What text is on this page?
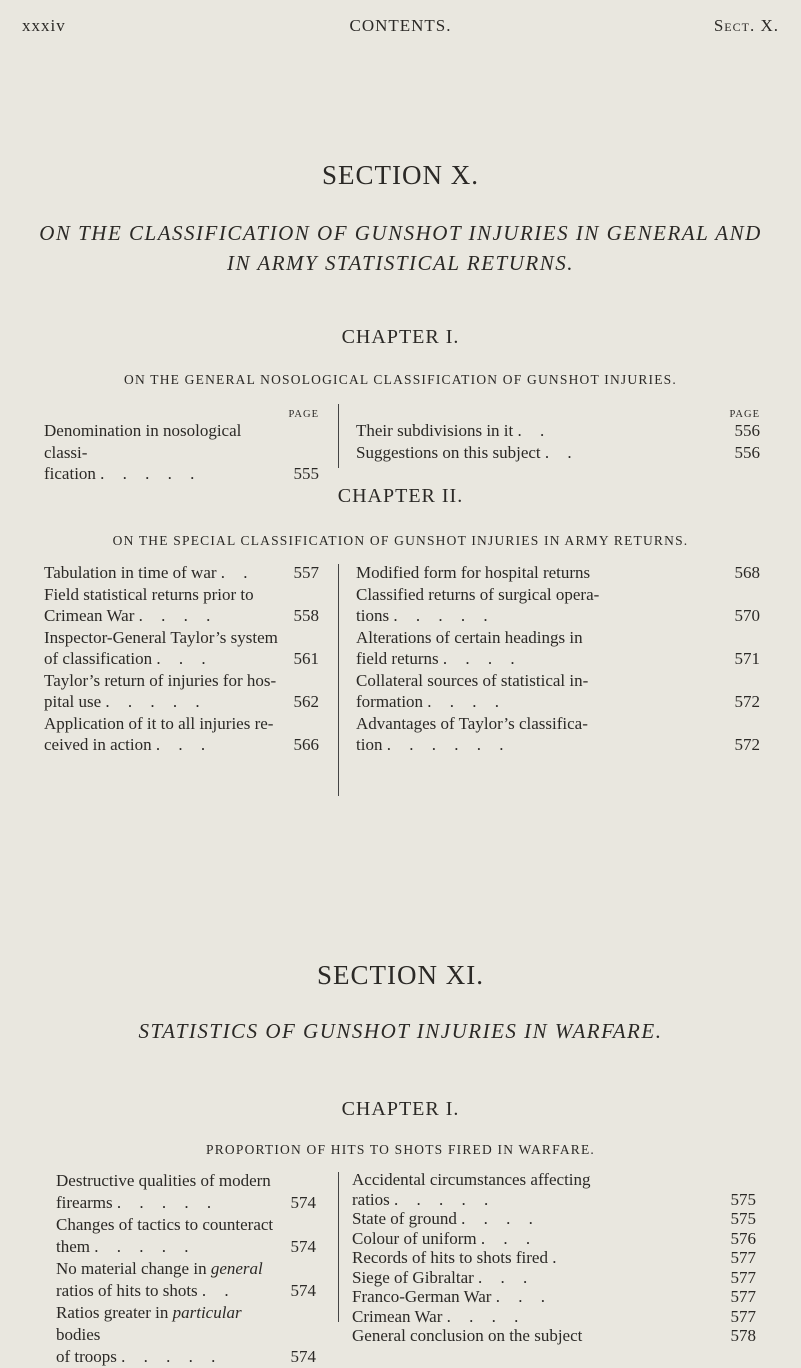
xxxiv	CONTENTS.	Sect. X.
SECTION X.
ON THE CLASSIFICATION OF GUNSHOT INJURIES IN GENERAL AND IN ARMY STATISTICAL RETURNS.
CHAPTER I.
ON THE GENERAL NOSOLOGICAL CLASSIFICATION OF GUNSHOT INJURIES.
PAGE
Denomination in nosological classi-
fication . . . . .	555
PAGE
Their subdivisions in it . .	556
Suggestions on this subject . .	556
CHAPTER II.
ON THE SPECIAL CLASSIFICATION OF GUNSHOT INJURIES IN ARMY RETURNS.
Tabulation in time of war . .	557
Field statistical returns prior to
Crimean War . . . .	558
Inspector-General Taylor’s system
of classification . . .	561
Taylor’s return of injuries for hos-
pital use . . . . .	562
Application of it to all injuries re-
ceived in action . . .	566
Modified form for hospital returns	568
Classified returns of surgical opera-
tions . . . . .	570
Alterations of certain headings in
field returns . . . .	571
Collateral sources of statistical in-
formation . . . .	572
Advantages of Taylor’s classifica-
tion . . . . . .	572
SECTION XI.
STATISTICS OF GUNSHOT INJURIES IN WARFARE.
CHAPTER I.
PROPORTION OF HITS TO SHOTS FIRED IN WARFARE.
Destructive qualities of modern
firearms . . . . .	574
Changes of tactics to counteract
them . . . . .	574
No material change in general
ratios of hits to shots . .	574
Ratios greater in particular bodies
of troops . . . . .	574
Accidental circumstances affecting
ratios . . . . .	575
State of ground . . . .	575
Colour of uniform . . .	576
Records of hits to shots fired .	577
Siege of Gibraltar . . .	577
Franco-German War . . .	577
Crimean War . . . .	577
General conclusion on the subject	578
